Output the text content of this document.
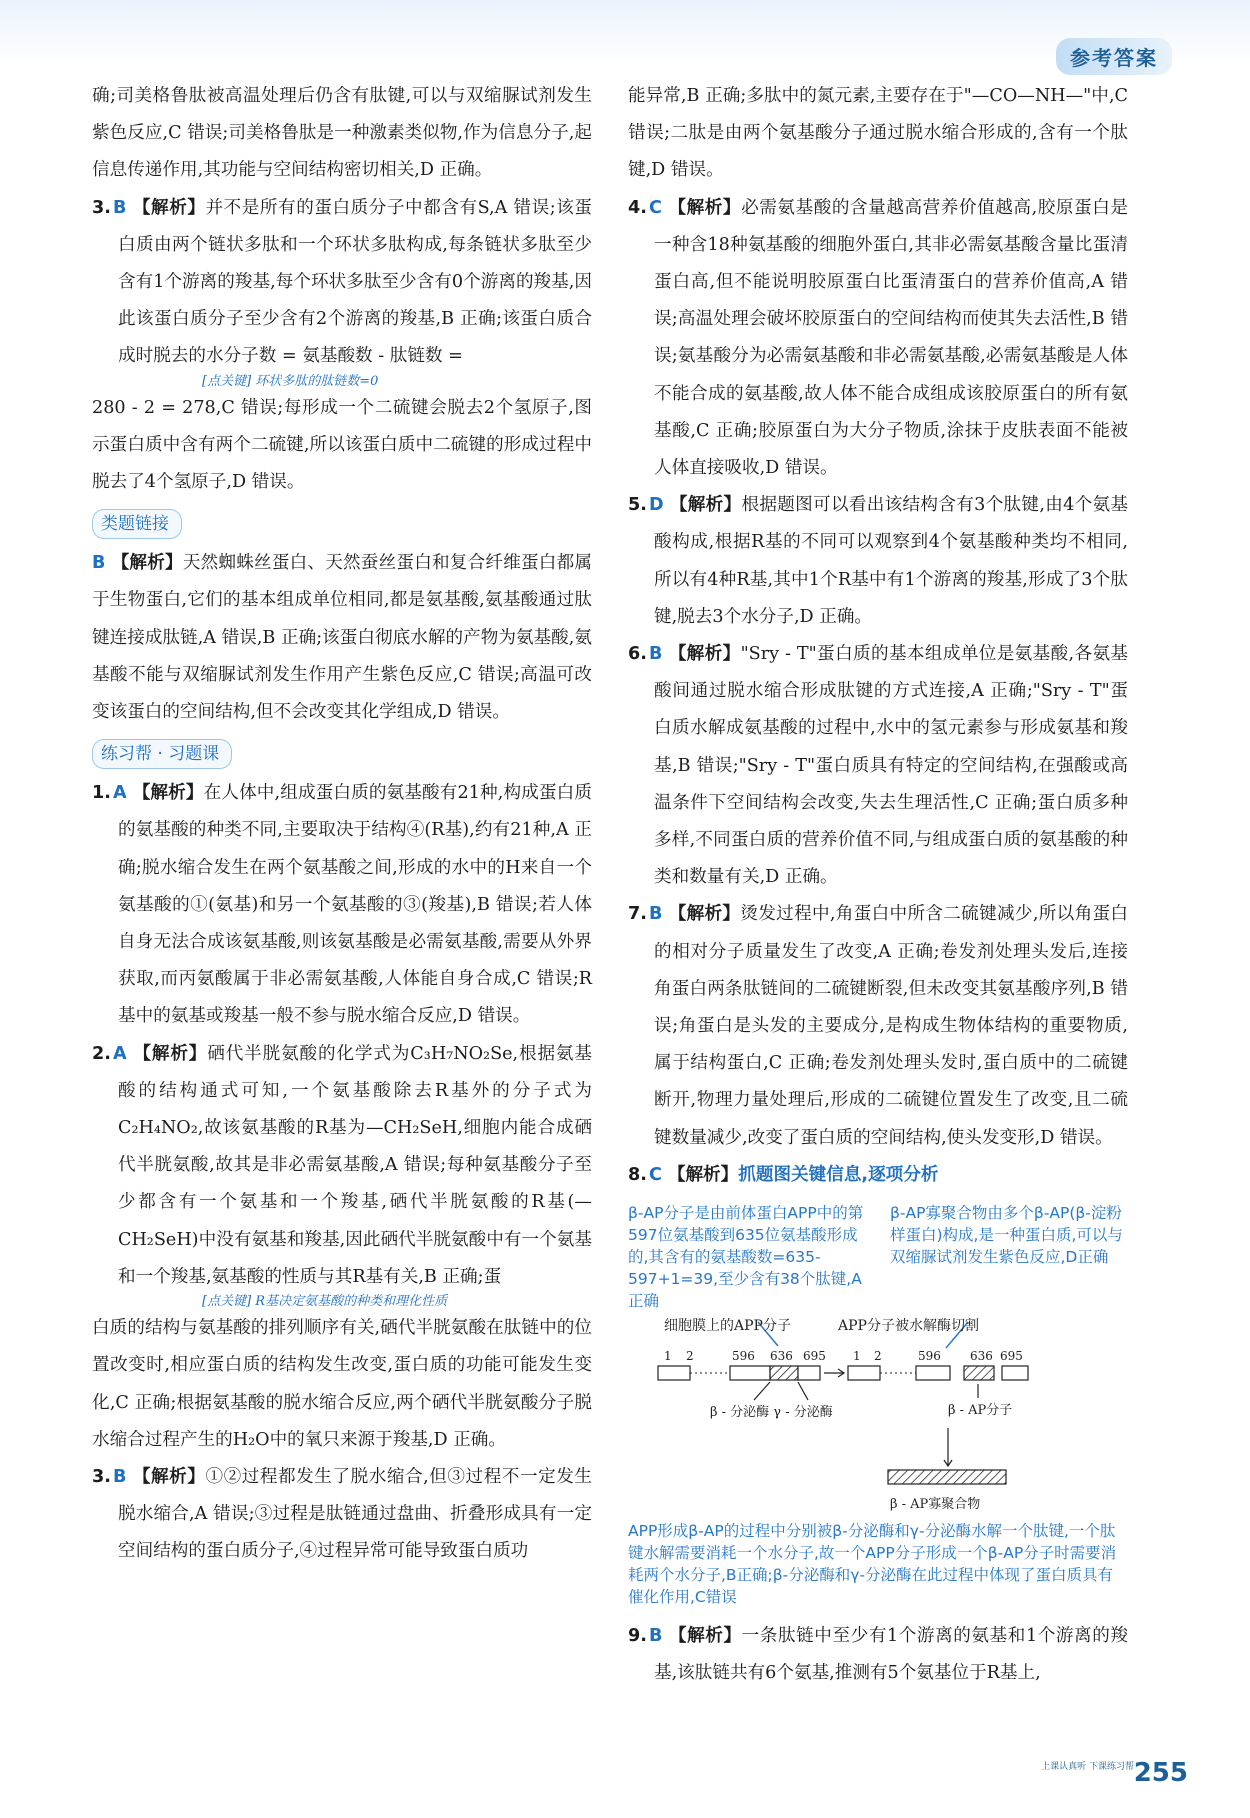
参考答案

确;司美格鲁肽被高温处理后仍含有肽键,可以与双缩脲试剂发生紫色反应,C 错误;司美格鲁肽是一种激素类似物,作为信息分子,起信息传递作用,其功能与空间结构密切相关,D 正确。

3. B 【解析】并不是所有的蛋白质分子中都含有S,A 错误;该蛋白质由两个链状多肽和一个环状多肽构成,每条链状多肽至少含有1个游离的羧基,每个环状多肽至少含有0个游离的羧基,因此该蛋白质分子至少含有2个游离的羧基,B 正确;该蛋白质合成时脱去的水分子数 = 氨基酸数 - 肽链数 =

[点关键] 环状多肽的肽链数=0

280 - 2 = 278,C 错误;每形成一个二硫键会脱去2个氢原子,图示蛋白质中含有两个二硫键,所以该蛋白质中二硫键的形成过程中脱去了4个氢原子,D 错误。

类题链接

B 【解析】天然蜘蛛丝蛋白、天然蚕丝蛋白和复合纤维蛋白都属于生物蛋白,它们的基本组成单位相同,都是氨基酸,氨基酸通过肽键连接成肽链,A 错误,B 正确;该蛋白彻底水解的产物为氨基酸,氨基酸不能与双缩脲试剂发生作用产生紫色反应,C 错误;高温可改变该蛋白的空间结构,但不会改变其化学组成,D 错误。

练习帮 · 习题课

1. A 【解析】在人体中,组成蛋白质的氨基酸有21种,构成蛋白质的氨基酸的种类不同,主要取决于结构④(R基),约有21种,A 正确;脱水缩合发生在两个氨基酸之间,形成的水中的H来自一个氨基酸的①(氨基)和另一个氨基酸的③(羧基),B 错误;若人体自身无法合成该氨基酸,则该氨基酸是必需氨基酸,需要从外界获取,而丙氨酸属于非必需氨基酸,人体能自身合成,C 错误;R基中的氨基或羧基一般不参与脱水缩合反应,D 错误。

2. A 【解析】硒代半胱氨酸的化学式为C₃H₇NO₂Se,根据氨基酸的结构通式可知,一个氨基酸除去R基外的分子式为C₂H₄NO₂,故该氨基酸的R基为—CH₂SeH,细胞内能合成硒代半胱氨酸,故其是非必需氨基酸,A 错误;每种氨基酸分子至少都含有一个氨基和一个羧基,硒代半胱氨酸的R基(—CH₂SeH)中没有氨基和羧基,因此硒代半胱氨酸中有一个氨基和一个羧基,氨基酸的性质与其R基有关,B 正确;蛋

[点关键] R基决定氨基酸的种类和理化性质

白质的结构与氨基酸的排列顺序有关,硒代半胱氨酸在肽链中的位置改变时,相应蛋白质的结构发生改变,蛋白质的功能可能发生变化,C 正确;根据氨基酸的脱水缩合反应,两个硒代半胱氨酸分子脱水缩合过程产生的H₂O中的氧只来源于羧基,D 正确。

3. B 【解析】①②过程都发生了脱水缩合,但③过程不一定发生脱水缩合,A 错误;③过程是肽链通过盘曲、折叠形成具有一定空间结构的蛋白质分子,④过程异常可能导致蛋白质功

能异常,B 正确;多肽中的氮元素,主要存在于"—CO—NH—"中,C 错误;二肽是由两个氨基酸分子通过脱水缩合形成的,含有一个肽键,D 错误。

4. C 【解析】必需氨基酸的含量越高营养价值越高,胶原蛋白是一种含18种氨基酸的细胞外蛋白,其非必需氨基酸含量比蛋清蛋白高,但不能说明胶原蛋白比蛋清蛋白的营养价值高,A 错误;高温处理会破坏胶原蛋白的空间结构而使其失去活性,B 错误;氨基酸分为必需氨基酸和非必需氨基酸,必需氨基酸是人体不能合成的氨基酸,故人体不能合成组成该胶原蛋白的所有氨基酸,C 正确;胶原蛋白为大分子物质,涂抹于皮肤表面不能被人体直接吸收,D 错误。

5. D 【解析】根据题图可以看出该结构含有3个肽键,由4个氨基酸构成,根据R基的不同可以观察到4个氨基酸种类均不相同,所以有4种R基,其中1个R基中有1个游离的羧基,形成了3个肽键,脱去3个水分子,D 正确。

6. B 【解析】"Sry - T"蛋白质的基本组成单位是氨基酸,各氨基酸间通过脱水缩合形成肽键的方式连接,A 正确;"Sry - T"蛋白质水解成氨基酸的过程中,水中的氢元素参与形成氨基和羧基,B 错误;"Sry - T"蛋白质具有特定的空间结构,在强酸或高温条件下空间结构会改变,失去生理活性,C 正确;蛋白质多种多样,不同蛋白质的营养价值不同,与组成蛋白质的氨基酸的种类和数量有关,D 正确。

7. B 【解析】烫发过程中,角蛋白中所含二硫键减少,所以角蛋白的相对分子质量发生了改变,A 正确;卷发剂处理头发后,连接角蛋白两条肽链间的二硫键断裂,但未改变其氨基酸序列,B 错误;角蛋白是头发的主要成分,是构成生物体结构的重要物质,属于结构蛋白,C 正确;卷发剂处理头发时,蛋白质中的二硫键断开,物理力量处理后,形成的二硫键位置发生了改变,且二硫键数量减少,改变了蛋白质的空间结构,使头发变形,D 错误。

8. C 【解析】抓题图关键信息,逐项分析

β-AP分子是由前体蛋白APP中的第597位氨基酸到635位氨基酸形成的,其含有的氨基酸数=635-597+1=39,至少含有38个肽键,A正确
β-AP寡聚合物由多个β-AP(β-淀粉样蛋白)构成,是一种蛋白质,可以与双缩脲试剂发生紫色反应,D正确
细胞膜上的APP分子	APP分子被水解酶切割
1 2	596 636 695 1 2	596 636 695
β - 分泌酶 γ - 分泌酶	β - AP分子
β - AP寡聚合物
APP形成β-AP的过程中分别被β-分泌酶和γ-分泌酶水解一个肽键,一个肽键水解需要消耗一个水分子,故一个APP分子形成一个β-AP分子时需要消耗两个水分子,B正确;β-分泌酶和γ-分泌酶在此过程中体现了蛋白质具有催化作用,C错误

9. B 【解析】一条肽链中至少有1个游离的氨基和1个游离的羧基,该肽链共有6个氨基,推测有5个氨基位于R基上,

上课认真听 下课练习帮 255
